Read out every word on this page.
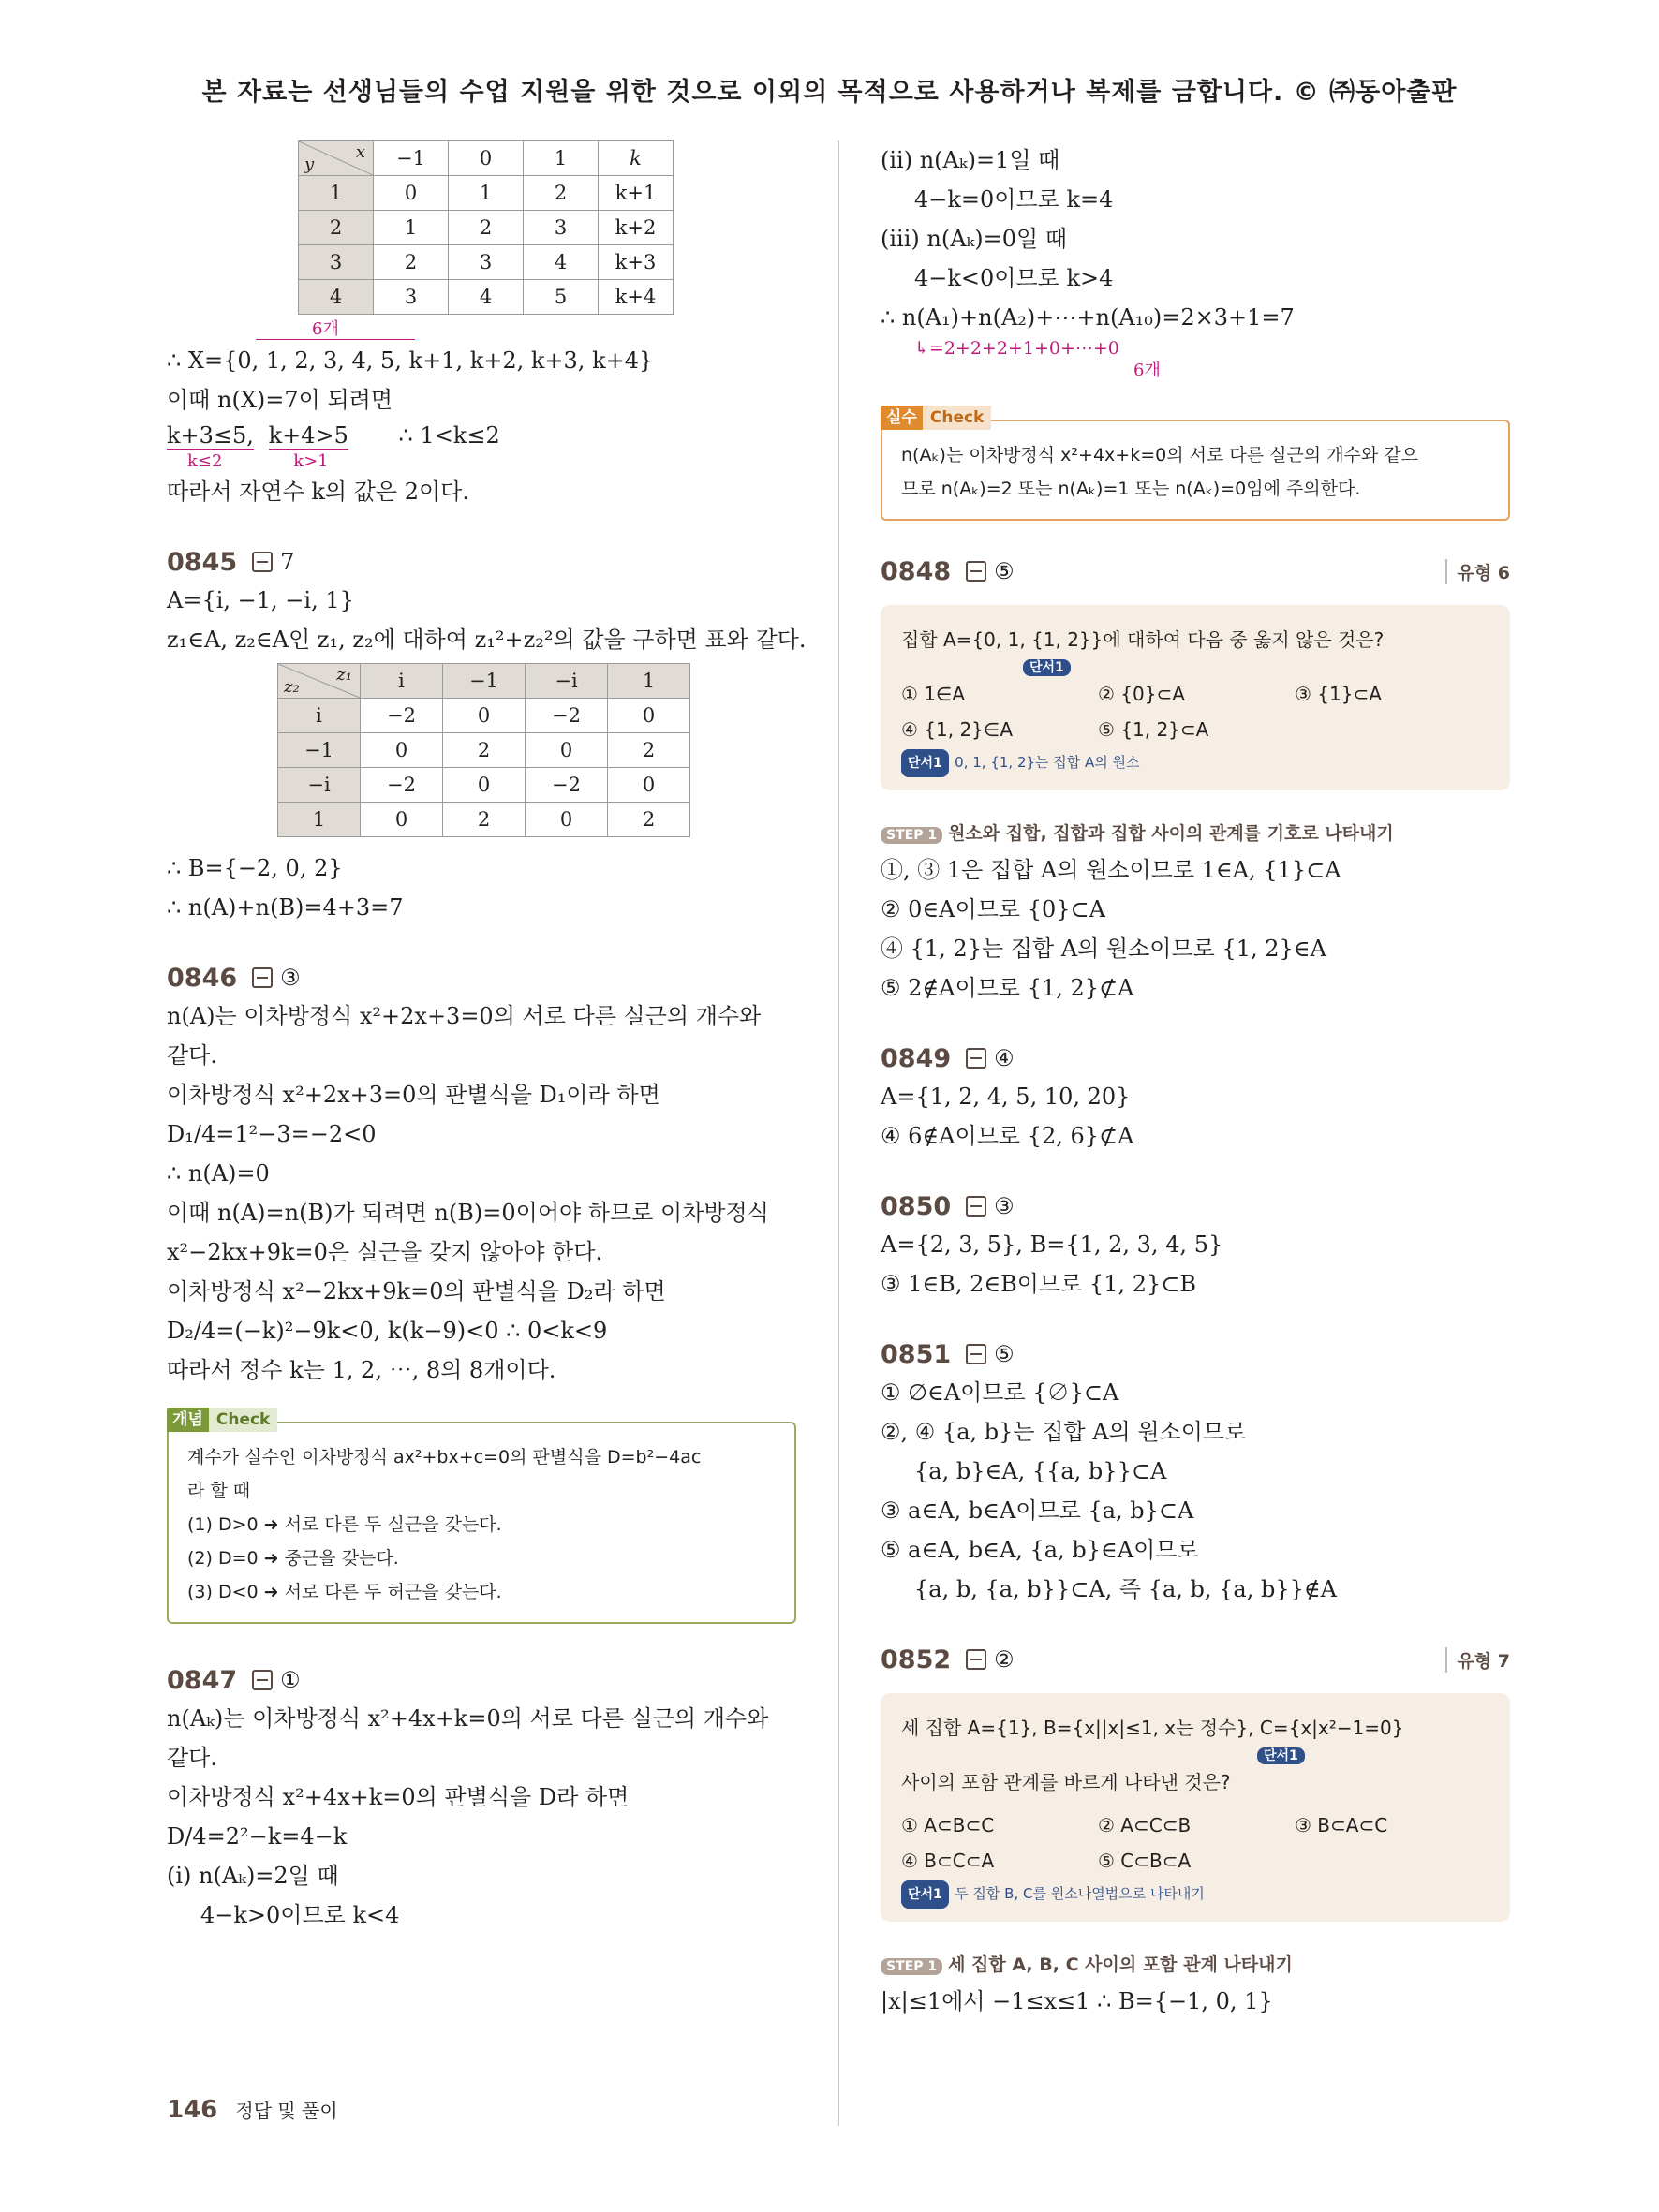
본 자료는 선생님들의 수업 지원을 위한 것으로 이외의 목적으로 사용하거나 복제를 금합니다. © ㈜동아출판
x
y	−1	0	1	k
1	0	1	2	k+1
2	1	2	3	k+2
3	2	3	4	k+3
4	3	4	5	k+4
6개
∴ X={0, 1, 2, 3, 4, 5, k+1, k+2, k+3, k+4}
이때 n(X)=7이 되려면
k+3≤5, k+4>5 ∴ 1<k≤2
k≤2	k>1
따라서 자연수 k의 값은 2이다.
0845 7
A={i, −1, −i, 1}
z₁∈A, z₂∈A인 z₁, z₂에 대하여 z₁²+z₂²의 값을 구하면 표와 같다.
z₁
z₂	i	−1	−i	1
i	−2	0	−2	0
−1	0	2	0	2
−i	−2	0	−2	0
1	0	2	0	2
∴ B={−2, 0, 2}
∴ n(A)+n(B)=4+3=7
0846 ③
n(A)는 이차방정식 x²+2x+3=0의 서로 다른 실근의 개수와
같다.
이차방정식 x²+2x+3=0의 판별식을 D₁이라 하면
D₁/4=1²−3=−2<0
∴ n(A)=0
이때 n(A)=n(B)가 되려면 n(B)=0이어야 하므로 이차방정식
x²−2kx+9k=0은 실근을 갖지 않아야 한다.
이차방정식 x²−2kx+9k=0의 판별식을 D₂라 하면
D₂/4=(−k)²−9k<0, k(k−9)<0 ∴ 0<k<9
따라서 정수 k는 1, 2, ⋯, 8의 8개이다.
개념 Check
계수가 실수인 이차방정식 ax²+bx+c=0의 판별식을 D=b²−4ac
라 할 때
(1) D>0 ➜ 서로 다른 두 실근을 갖는다.
(2) D=0 ➜ 중근을 갖는다.
(3) D<0 ➜ 서로 다른 두 허근을 갖는다.
0847 ①
n(Aₖ)는 이차방정식 x²+4x+k=0의 서로 다른 실근의 개수와
같다.
이차방정식 x²+4x+k=0의 판별식을 D라 하면
D/4=2²−k=4−k
(i) n(Aₖ)=2일 때
4−k>0이므로 k<4
(ii) n(Aₖ)=1일 때
4−k=0이므로 k=4
(iii) n(Aₖ)=0일 때
4−k<0이므로 k>4
∴ n(A₁)+n(A₂)+⋯+n(A₁₀)=2×3+1=7
↳=2+2+2+1+0+⋯+0
6개
실수 Check
n(Aₖ)는 이차방정식 x²+4x+k=0의 서로 다른 실근의 개수와 같으
므로 n(Aₖ)=2 또는 n(Aₖ)=1 또는 n(Aₖ)=0임에 주의한다.
0848 ⑤	유형 6
집합 A={0, 1, {1, 2}}에 대하여 다음 중 옳지 않은 것은?
단서1
① 1∈A	② {0}⊂A	③ {1}⊂A
④ {1, 2}∈A	⑤ {1, 2}⊂A
단서1 0, 1, {1, 2}는 집합 A의 원소
STEP 1 원소와 집합, 집합과 집합 사이의 관계를 기호로 나타내기
①, ③ 1은 집합 A의 원소이므로 1∈A, {1}⊂A
② 0∈A이므로 {0}⊂A
④ {1, 2}는 집합 A의 원소이므로 {1, 2}∈A
⑤ 2∉A이므로 {1, 2}⊄A
0849 ④
A={1, 2, 4, 5, 10, 20}
④ 6∉A이므로 {2, 6}⊄A
0850 ③
A={2, 3, 5}, B={1, 2, 3, 4, 5}
③ 1∈B, 2∈B이므로 {1, 2}⊂B
0851 ⑤
① ∅∈A이므로 {∅}⊂A
②, ④ {a, b}는 집합 A의 원소이므로
{a, b}∈A, {{a, b}}⊂A
③ a∈A, b∈A이므로 {a, b}⊂A
⑤ a∈A, b∈A, {a, b}∈A이므로
{a, b, {a, b}}⊂A, 즉 {a, b, {a, b}}∉A
0852 ②	유형 7
세 집합 A={1}, B={x||x|≤1, x는 정수}, C={x|x²−1=0}
단서1
사이의 포함 관계를 바르게 나타낸 것은?
① A⊂B⊂C	② A⊂C⊂B	③ B⊂A⊂C
④ B⊂C⊂A	⑤ C⊂B⊂A
단서1 두 집합 B, C를 원소나열법으로 나타내기
STEP 1 세 집합 A, B, C 사이의 포함 관계 나타내기
|x|≤1에서 −1≤x≤1 ∴ B={−1, 0, 1}
146 정답 및 풀이
